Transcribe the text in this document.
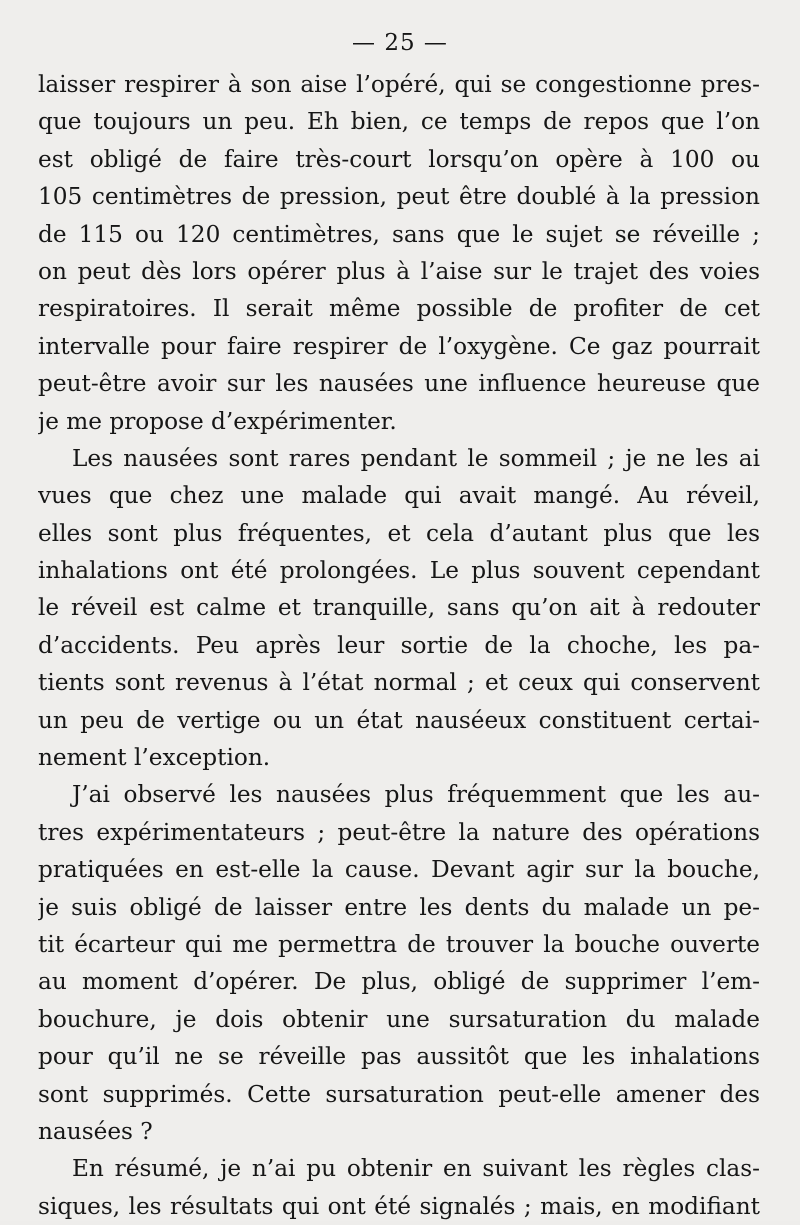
— 25 —
laisser respirer à son aise l’opéré, qui se congestionne pres-
que toujours un peu. Eh bien, ce temps de repos que l’on
est obligé de faire très-court lorsqu’on opère à 100 ou
105 centimètres de pression, peut être doublé à la pression
de 115 ou 120 centimètres, sans que le sujet se réveille ;
on peut dès lors opérer plus à l’aise sur le trajet des voies
respiratoires. Il serait même possible de profiter de cet
intervalle pour faire respirer de l’oxygène. Ce gaz pourrait
peut-être avoir sur les nausées une influence heureuse que
je me propose d’expérimenter.
Les nausées sont rares pendant le sommeil ; je ne les ai
vues que chez une malade qui avait mangé. Au réveil,
elles sont plus fréquentes, et cela d’autant plus que les
inhalations ont été prolongées. Le plus souvent cependant
le réveil est calme et tranquille, sans qu’on ait à redouter
d’accidents. Peu après leur sortie de la choche, les pa-
tients sont revenus à l’état normal ; et ceux qui conservent
un peu de vertige ou un état nauséeux constituent certai-
nement l’exception.
J’ai observé les nausées plus fréquemment que les au-
tres expérimentateurs ; peut-être la nature des opérations
pratiquées en est-elle la cause. Devant agir sur la bouche,
je suis obligé de laisser entre les dents du malade un pe-
tit écarteur qui me permettra de trouver la bouche ouverte
au moment d’opérer. De plus, obligé de supprimer l’em-
bouchure, je dois obtenir une sursaturation du malade
pour qu’il ne se réveille pas aussitôt que les inhalations
sont supprimés. Cette sursaturation peut-elle amener des
nausées ?
En résumé, je n’ai pu obtenir en suivant les règles clas-
siques, les résultats qui ont été signalés ; mais, en modifiant
